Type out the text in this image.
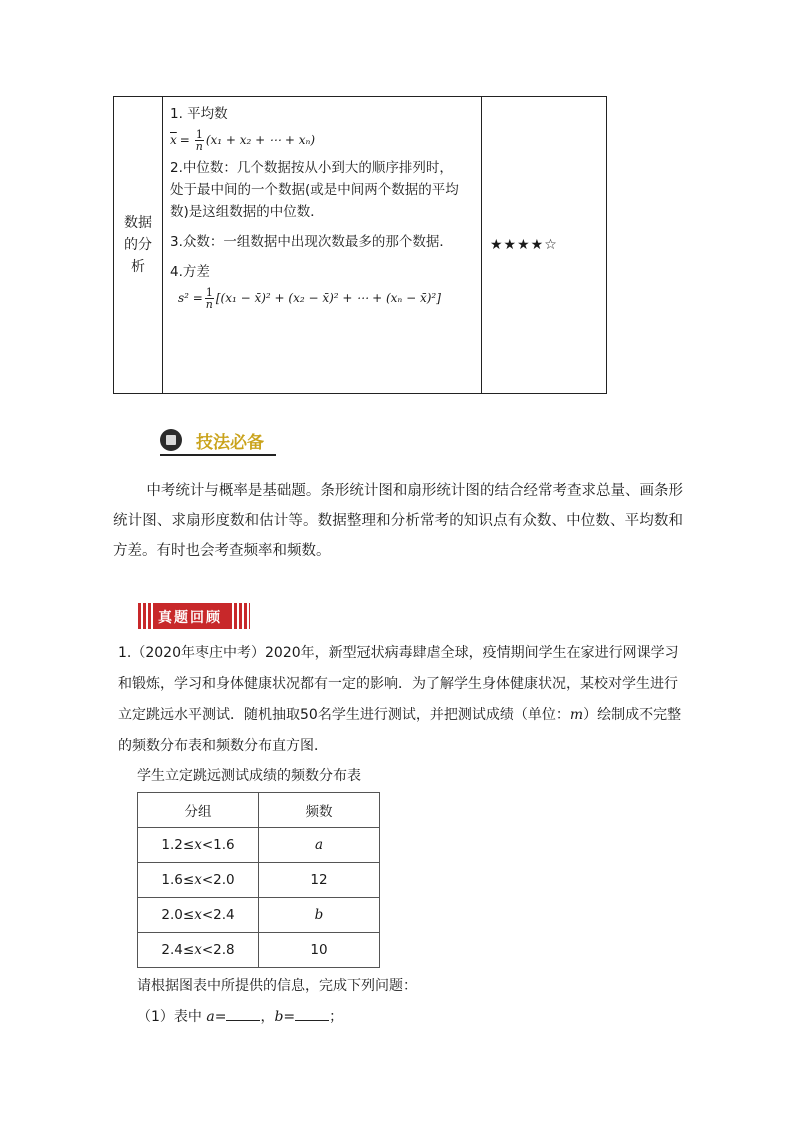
数据的分析	

1. 平均数

$\overline{x} = \frac{1}{n} (x_1 + x_2$ + ⋯ + xₙ)

2.中位数：几个数据按从小到大的顺序排列时，处于最中间的一个数据(或是中间两个数据的平均数)是这组数据的中位数．

3.众数：一组数据中出现次数最多的那个数据．

4.方差

$s^2 = \frac{1}{n} [(x_1$ − x̄)² + (x₂ − x̄)² + ⋯ + (xₙ − x̄)²]
	★★★★☆
技法必备
中考统计与概率是基础题。条形统计图和扇形统计图的结合经常考查求总量、画条形统计图、求扇形度数和估计等。数据整理和分析常考的知识点有众数、中位数、平均数和方差。有时也会考查频率和频数。
真题回顾
1.（2020年枣庄中考）2020年，新型冠状病毒肆虐全球，疫情期间学生在家进行网课学习和锻炼，学习和身体健康状况都有一定的影响．为了解学生身体健康状况，某校对学生进行立定跳远水平测试．随机抽取50名学生进行测试，并把测试成绩（单位：m）绘制成不完整的频数分布表和频数分布直方图．
学生立定跳远测试成绩的频数分布表
分组	频数
1.2≤x<1.6	a
1.6≤x<2.0	12
2.0≤x<2.4	b
2.4≤x<2.8	10
请根据图表中所提供的信息，完成下列问题：
（1）表中 a= ，b= ；
